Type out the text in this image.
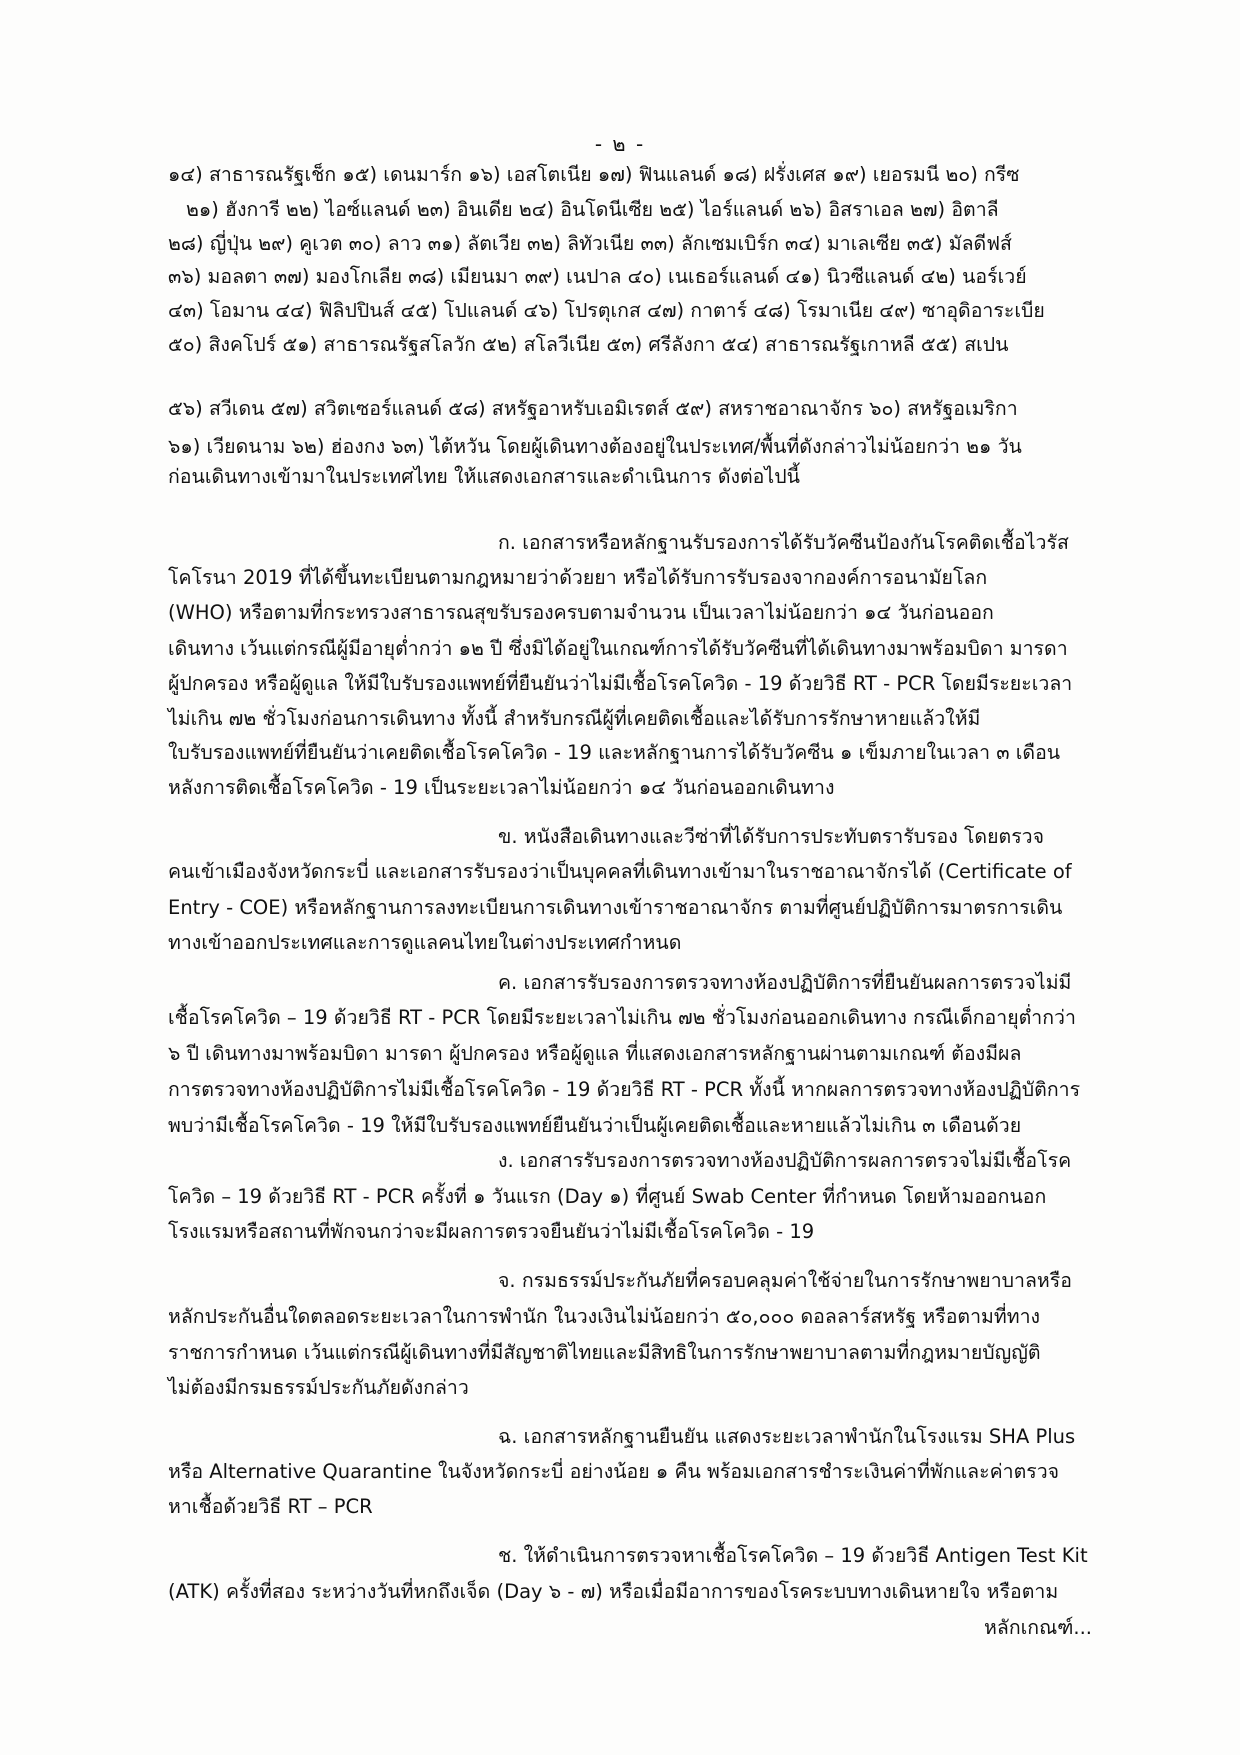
- ๒ -
๑๔) สาธารณรัฐเช็ก ๑๕) เดนมาร์ก ๑๖) เอสโตเนีย ๑๗) ฟินแลนด์ ๑๘) ฝรั่งเศส ๑๙) เยอรมนี ๒๐) กรีซ
๒๑) ฮังการี ๒๒) ไอซ์แลนด์ ๒๓) อินเดีย ๒๔) อินโดนีเซีย ๒๕) ไอร์แลนด์ ๒๖) อิสราเอล ๒๗) อิตาลี
๒๘) ญี่ปุ่น ๒๙) คูเวต ๓๐) ลาว ๓๑) ลัตเวีย ๓๒) ลิทัวเนีย ๓๓) ลักเซมเบิร์ก ๓๔) มาเลเซีย ๓๕) มัลดีฟส์
๓๖) มอลตา ๓๗) มองโกเลีย ๓๘) เมียนมา ๓๙) เนปาล ๔๐) เนเธอร์แลนด์ ๔๑) นิวซีแลนด์ ๔๒) นอร์เวย์
๔๓) โอมาน ๔๔) ฟิลิปปินส์ ๔๕) โปแลนด์ ๔๖) โปรตุเกส ๔๗) กาตาร์ ๔๘) โรมาเนีย ๔๙) ซาอุดิอาระเบีย
๕๐) สิงคโปร์ ๕๑) สาธารณรัฐสโลวัก ๕๒) สโลวีเนีย ๕๓) ศรีลังกา ๕๔) สาธารณรัฐเกาหลี ๕๕) สเปน
๕๖) สวีเดน ๕๗) สวิตเซอร์แลนด์ ๕๘) สหรัฐอาหรับเอมิเรตส์ ๕๙) สหราชอาณาจักร ๖๐) สหรัฐอเมริกา
๖๑) เวียดนาม ๖๒) ฮ่องกง ๖๓) ไต้หวัน โดยผู้เดินทางต้องอยู่ในประเทศ/พื้นที่ดังกล่าวไม่น้อยกว่า ๒๑ วัน
ก่อนเดินทางเข้ามาในประเทศไทย ให้แสดงเอกสารและดำเนินการ ดังต่อไปนี้
ก. เอกสารหรือหลักฐานรับรองการได้รับวัคซีนป้องกันโรคติดเชื้อไวรัส
โคโรนา 2019 ที่ได้ขึ้นทะเบียนตามกฎหมายว่าด้วยยา หรือได้รับการรับรองจากองค์การอนามัยโลก
(WHO) หรือตามที่กระทรวงสาธารณสุขรับรองครบตามจำนวน เป็นเวลาไม่น้อยกว่า ๑๔ วันก่อนออก
เดินทาง เว้นแต่กรณีผู้มีอายุต่ำกว่า ๑๒ ปี ซึ่งมิได้อยู่ในเกณฑ์การได้รับวัคซีนที่ได้เดินทางมาพร้อมบิดา มารดา
ผู้ปกครอง หรือผู้ดูแล ให้มีใบรับรองแพทย์ที่ยืนยันว่าไม่มีเชื้อโรคโควิด - 19 ด้วยวิธี RT - PCR โดยมีระยะเวลา
ไม่เกิน ๗๒ ชั่วโมงก่อนการเดินทาง ทั้งนี้ สำหรับกรณีผู้ที่เคยติดเชื้อและได้รับการรักษาหายแล้วให้มี
ใบรับรองแพทย์ที่ยืนยันว่าเคยติดเชื้อโรคโควิด - 19 และหลักฐานการได้รับวัคซีน ๑ เข็มภายในเวลา ๓ เดือน
หลังการติดเชื้อโรคโควิด - 19 เป็นระยะเวลาไม่น้อยกว่า ๑๔ วันก่อนออกเดินทาง
ข. หนังสือเดินทางและวีซ่าที่ได้รับการประทับตรารับรอง โดยตรวจ
คนเข้าเมืองจังหวัดกระบี่ และเอกสารรับรองว่าเป็นบุคคลที่เดินทางเข้ามาในราชอาณาจักรได้ (Certificate of
Entry - COE) หรือหลักฐานการลงทะเบียนการเดินทางเข้าราชอาณาจักร ตามที่ศูนย์ปฏิบัติการมาตรการเดิน
ทางเข้าออกประเทศและการดูแลคนไทยในต่างประเทศกำหนด
ค. เอกสารรับรองการตรวจทางห้องปฏิบัติการที่ยืนยันผลการตรวจไม่มี
เชื้อโรคโควิด – 19 ด้วยวิธี RT - PCR โดยมีระยะเวลาไม่เกิน ๗๒ ชั่วโมงก่อนออกเดินทาง กรณีเด็กอายุต่ำกว่า
๖ ปี เดินทางมาพร้อมบิดา มารดา ผู้ปกครอง หรือผู้ดูแล ที่แสดงเอกสารหลักฐานผ่านตามเกณฑ์ ต้องมีผล
การตรวจทางห้องปฏิบัติการไม่มีเชื้อโรคโควิด - 19 ด้วยวิธี RT - PCR ทั้งนี้ หากผลการตรวจทางห้องปฏิบัติการ
พบว่ามีเชื้อโรคโควิด - 19 ให้มีใบรับรองแพทย์ยืนยันว่าเป็นผู้เคยติดเชื้อและหายแล้วไม่เกิน ๓ เดือนด้วย
ง. เอกสารรับรองการตรวจทางห้องปฏิบัติการผลการตรวจไม่มีเชื้อโรค
โควิด – 19 ด้วยวิธี RT - PCR ครั้งที่ ๑ วันแรก (Day ๑) ที่ศูนย์ Swab Center ที่กำหนด โดยห้ามออกนอก
โรงแรมหรือสถานที่พักจนกว่าจะมีผลการตรวจยืนยันว่าไม่มีเชื้อโรคโควิด - 19
จ. กรมธรรม์ประกันภัยที่ครอบคลุมค่าใช้จ่ายในการรักษาพยาบาลหรือ
หลักประกันอื่นใดตลอดระยะเวลาในการพำนัก ในวงเงินไม่น้อยกว่า ๕๐,๐๐๐ ดอลลาร์สหรัฐ หรือตามที่ทาง
ราชการกำหนด เว้นแต่กรณีผู้เดินทางที่มีสัญชาติไทยและมีสิทธิในการรักษาพยาบาลตามที่กฎหมายบัญญัติ
ไม่ต้องมีกรมธรรม์ประกันภัยดังกล่าว
ฉ. เอกสารหลักฐานยืนยัน แสดงระยะเวลาพำนักในโรงแรม SHA Plus
หรือ Alternative Quarantine ในจังหวัดกระบี่ อย่างน้อย ๑ คืน พร้อมเอกสารชำระเงินค่าที่พักและค่าตรวจ
หาเชื้อด้วยวิธี RT – PCR
ช. ให้ดำเนินการตรวจหาเชื้อโรคโควิด – 19 ด้วยวิธี Antigen Test Kit
(ATK) ครั้งที่สอง ระหว่างวันที่หกถึงเจ็ด (Day ๖ - ๗) หรือเมื่อมีอาการของโรคระบบทางเดินหายใจ หรือตาม
หลักเกณฑ์...
